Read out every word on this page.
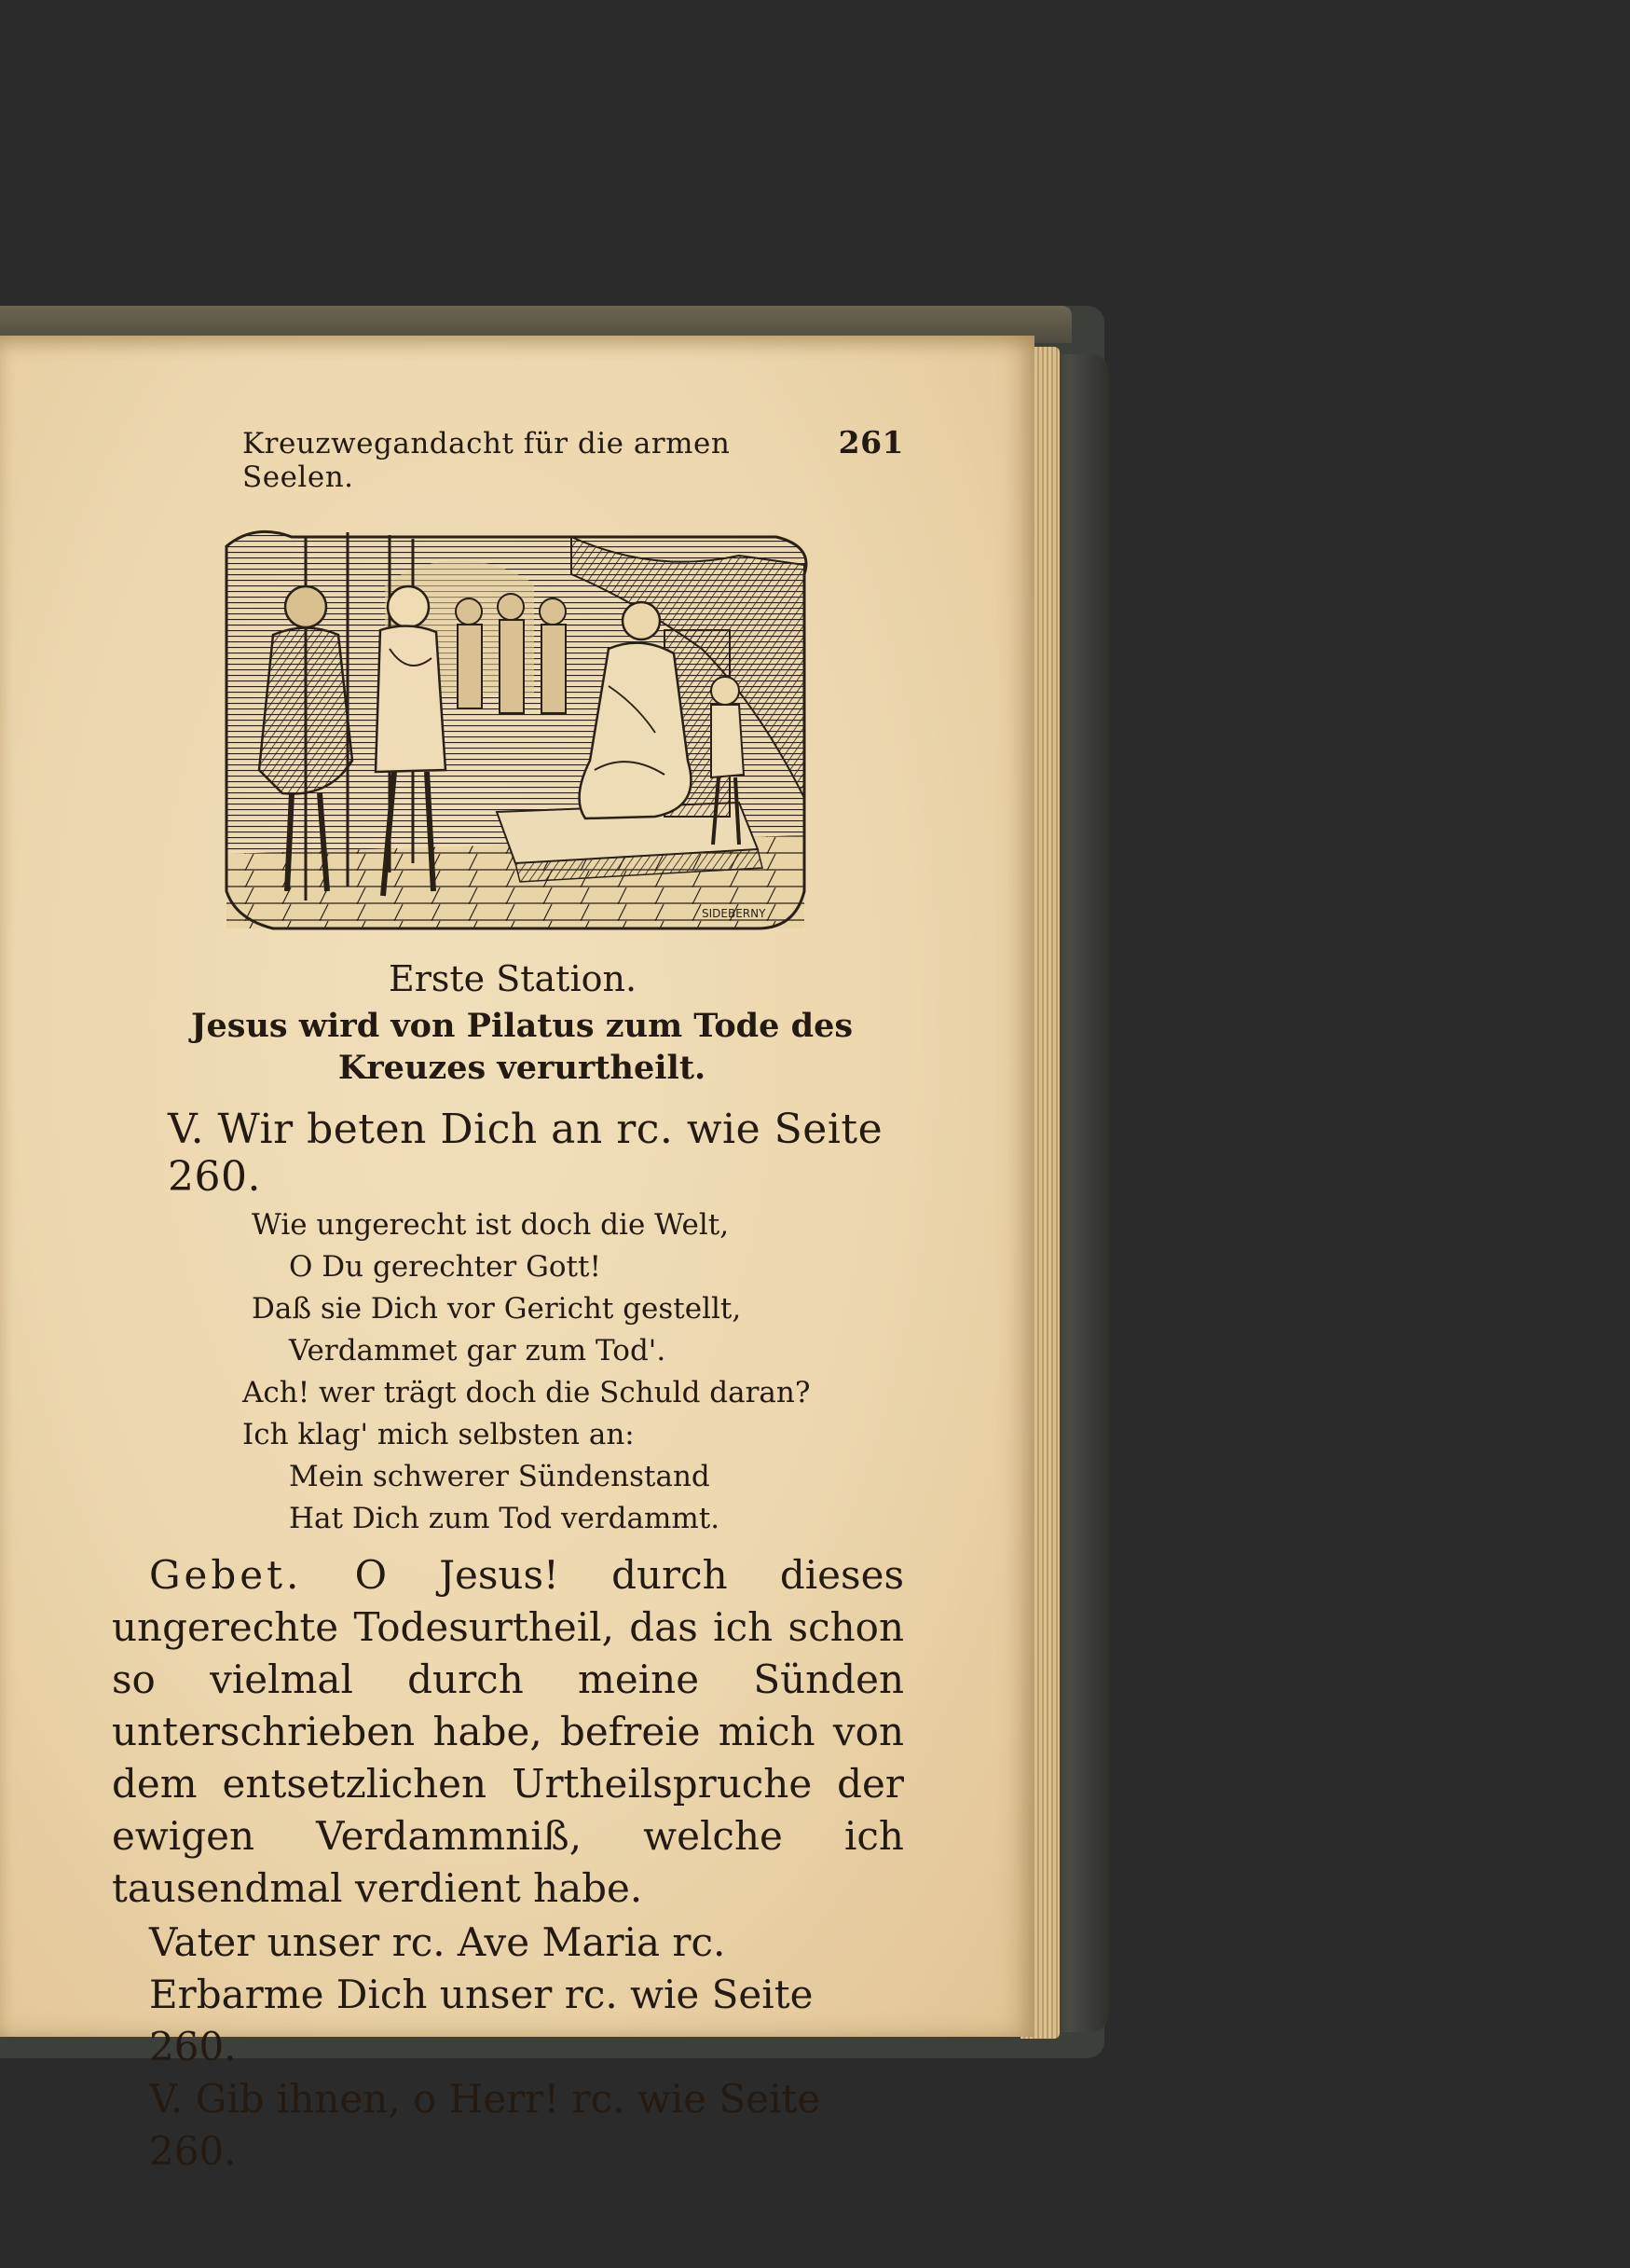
Kreuzwegandacht für die armen Seelen.
261
SIDEBERNY
Erste Station.
Jesus wird von Pilatus zum Tode des Kreuzes verurtheilt.
V. Wir beten Dich an rc. wie Seite 260.
Wie ungerecht ist doch die Welt,
O Du gerechter Gott!
Daß sie Dich vor Gericht gestellt,
Verdammet gar zum Tod'.
Ach! wer trägt doch die Schuld daran?
Ich klag' mich selbsten an:
Mein schwerer Sündenstand
Hat Dich zum Tod verdammt.
Gebet. O Jesus! durch dieses ungerechte Todesurtheil, das ich schon so vielmal durch meine Sünden unterschrieben habe, befreie mich von dem entsetzlichen Urtheilspruche der ewigen Verdammniß, welche ich tausendmal verdient habe.
Vater unser rc. Ave Maria rc.
Erbarme Dich unser rc. wie Seite 260.
V. Gib ihnen, o Herr! rc. wie Seite 260.
